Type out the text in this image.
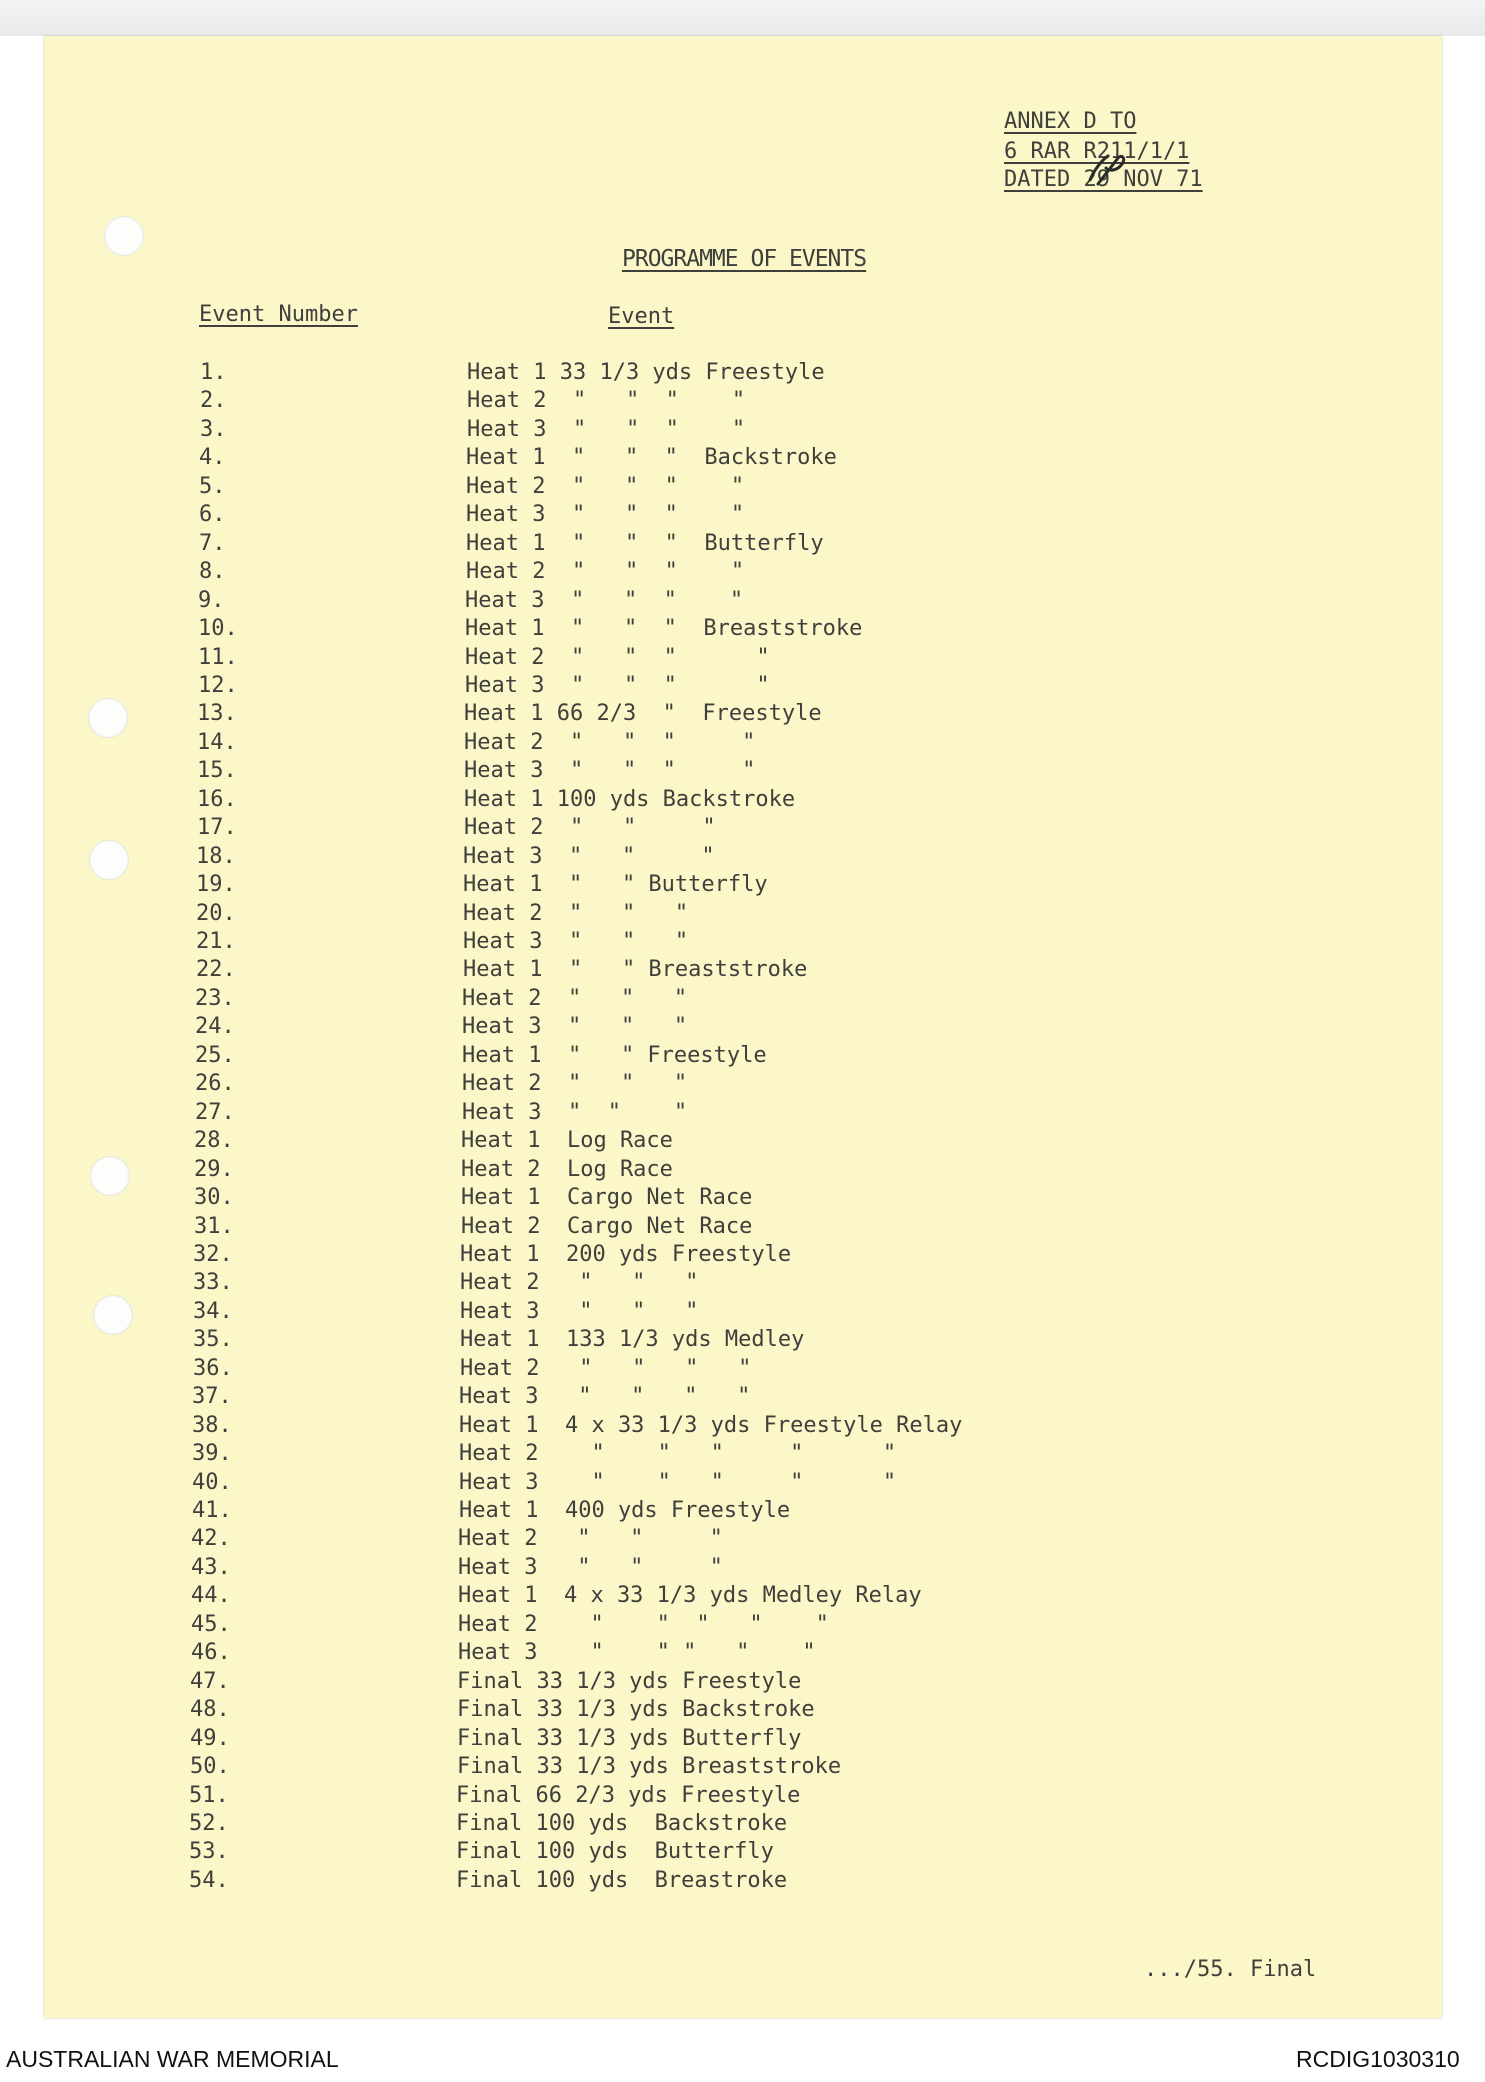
ANNEX D TO
6 RAR R211/1/1
DATED 29 NOV 71
PROGRAMME OF EVENTS
Event Number	Event
1.	Heat 1 33 1/3 yds Freestyle
2.	Heat 2  "   "  "    "
3.	Heat 3  "   "  "    "
4.	Heat 1  "   "  "  Backstroke
5.	Heat 2  "   "  "    "
6.	Heat 3  "   "  "    "
7.	Heat 1  "   "  "  Butterfly
8.	Heat 2  "   "  "    "
9.	Heat 3  "   "  "    "
10.	Heat 1  "   "  "  Breaststroke
11.	Heat 2  "   "  "      "
12.	Heat 3  "   "  "      "
13.	Heat 1 66 2/3  "  Freestyle
14.	Heat 2  "   "  "     "
15.	Heat 3  "   "  "     "
16.	Heat 1 100 yds Backstroke
17.	Heat 2  "   "     "
18.	Heat 3  "   "     "
19.	Heat 1  "   " Butterfly
20.	Heat 2  "   "   "
21.	Heat 3  "   "   "
22.	Heat 1  "   " Breaststroke
23.	Heat 2  "   "   "
24.	Heat 3  "   "   "
25.	Heat 1  "   " Freestyle
26.	Heat 2  "   "   "
27.	Heat 3  "  "    "
28.	Heat 1  Log Race
29.	Heat 2  Log Race
30.	Heat 1  Cargo Net Race
31.	Heat 2  Cargo Net Race
32.	Heat 1  200 yds Freestyle
33.	Heat 2   "   "   "
34.	Heat 3   "   "   "
35.	Heat 1  133 1/3 yds Medley
36.	Heat 2   "   "   "   "
37.	Heat 3   "   "   "   "
38.	Heat 1  4 x 33 1/3 yds Freestyle Relay
39.	Heat 2    "    "   "     "      "
40.	Heat 3    "    "   "     "      "
41.	Heat 1  400 yds Freestyle
42.	Heat 2   "   "     "
43.	Heat 3   "   "     "
44.	Heat 1  4 x 33 1/3 yds Medley Relay
45.	Heat 2    "    "  "   "    "
46.	Heat 3    "    " "   "    "
47.	Final 33 1/3 yds Freestyle
48.	Final 33 1/3 yds Backstroke
49.	Final 33 1/3 yds Butterfly
50.	Final 33 1/3 yds Breaststroke
51.	Final 66 2/3 yds Freestyle
52.	Final 100 yds  Backstroke
53.	Final 100 yds  Butterfly
54.	Final 100 yds  Breastroke
.../55. Final
AUSTRALIAN WAR MEMORIAL	RCDIG1030310
